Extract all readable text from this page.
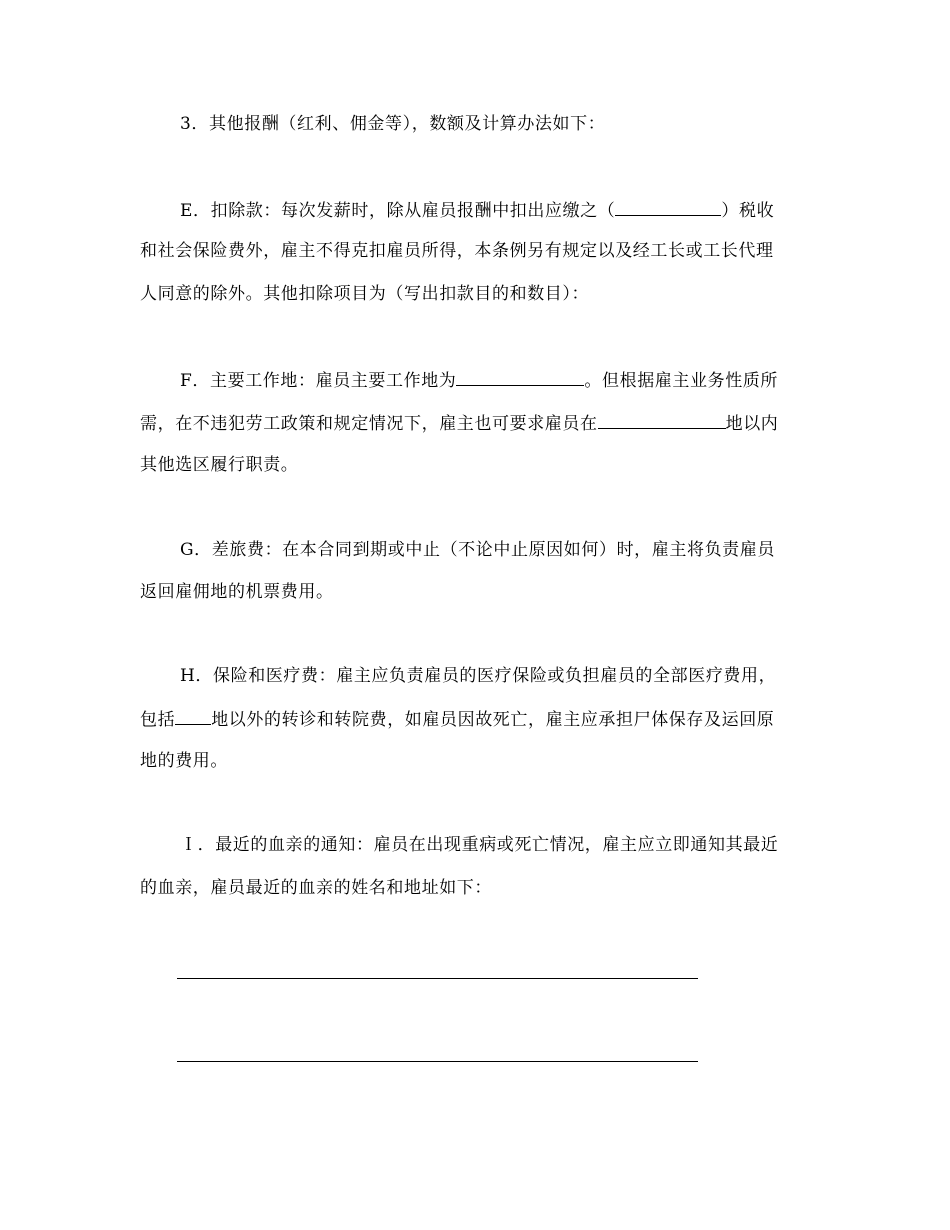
3．其他报酬（红利、佣金等），数额及计算办法如下：
E．扣除款：每次发薪时，除从雇员报酬中扣出应缴之（	）税收
和社会保险费外，雇主不得克扣雇员所得，本条例另有规定以及经工长或工长代理
人同意的除外。其他扣除项目为（写出扣款目的和数目）：
F．主要工作地：雇员主要工作地为	。但根据雇主业务性质所
需，在不违犯劳工政策和规定情况下，雇主也可要求雇员在	地以内
其他选区履行职责。
G．差旅费：在本合同到期或中止（不论中止原因如何）时，雇主将负责雇员
返回雇佣地的机票费用。
H．保险和医疗费：雇主应负责雇员的医疗保险或负担雇员的全部医疗费用，
包括 地以外的转诊和转院费，如雇员因故死亡，雇主应承担尸体保存及运回原
地的费用。
Ｉ．最近的血亲的通知：雇员在出现重病或死亡情况，雇主应立即通知其最近
的血亲，雇员最近的血亲的姓名和地址如下：
